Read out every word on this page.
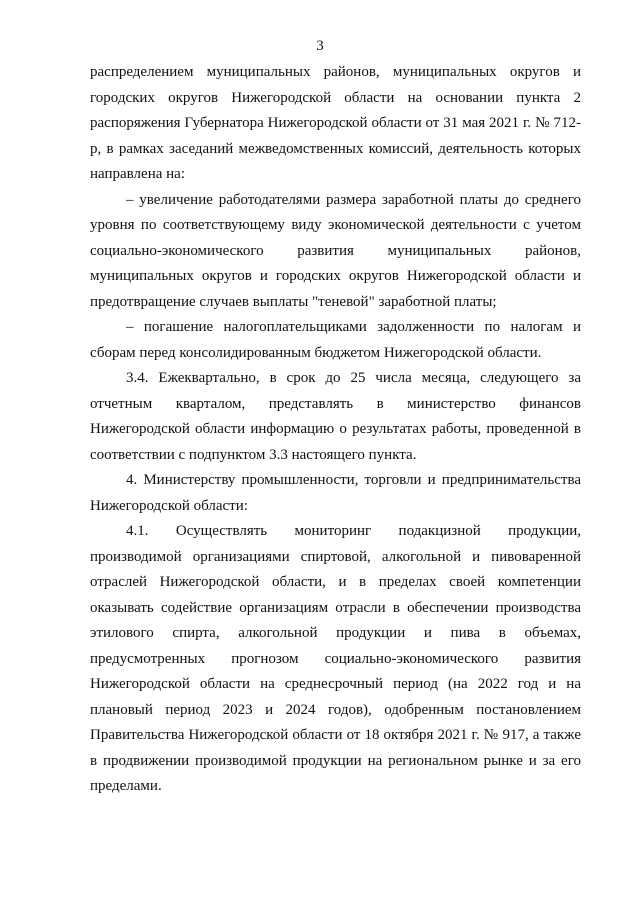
3

распределением муниципальных районов, муниципальных округов и городских округов Нижегородской области на основании пункта 2 распоряжения Губернатора Нижегородской области от 31 мая 2021 г. № 712-р, в рамках заседаний межведомственных комиссий, деятельность которых направлена на:

– увеличение работодателями размера заработной платы до среднего уровня по соответствующему виду экономической деятельности с учетом социально-экономического развития муниципальных районов, муниципальных округов и городских округов Нижегородской области и предотвращение случаев выплаты "теневой" заработной платы;

– погашение налогоплательщиками задолженности по налогам и сборам перед консолидированным бюджетом Нижегородской области.

3.4. Ежеквартально, в срок до 25 числа месяца, следующего за отчетным кварталом, представлять в министерство финансов Нижегородской области информацию о результатах работы, проведенной в соответствии с подпунктом 3.3 настоящего пункта.

4. Министерству промышленности, торговли и предпринимательства Нижегородской области:

4.1. Осуществлять мониторинг подакцизной продукции, производимой организациями спиртовой, алкогольной и пивоваренной отраслей Нижегородской области, и в пределах своей компетенции оказывать содействие организациям отрасли в обеспечении производства этилового спирта, алкогольной продукции и пива в объемах, предусмотренных прогнозом социально-экономического развития Нижегородской области на среднесрочный период (на 2022 год и на плановый период 2023 и 2024 годов), одобренным постановлением Правительства Нижегородской области от 18 октября 2021 г. № 917, а также в продвижении производимой продукции на региональном рынке и за его пределами.
